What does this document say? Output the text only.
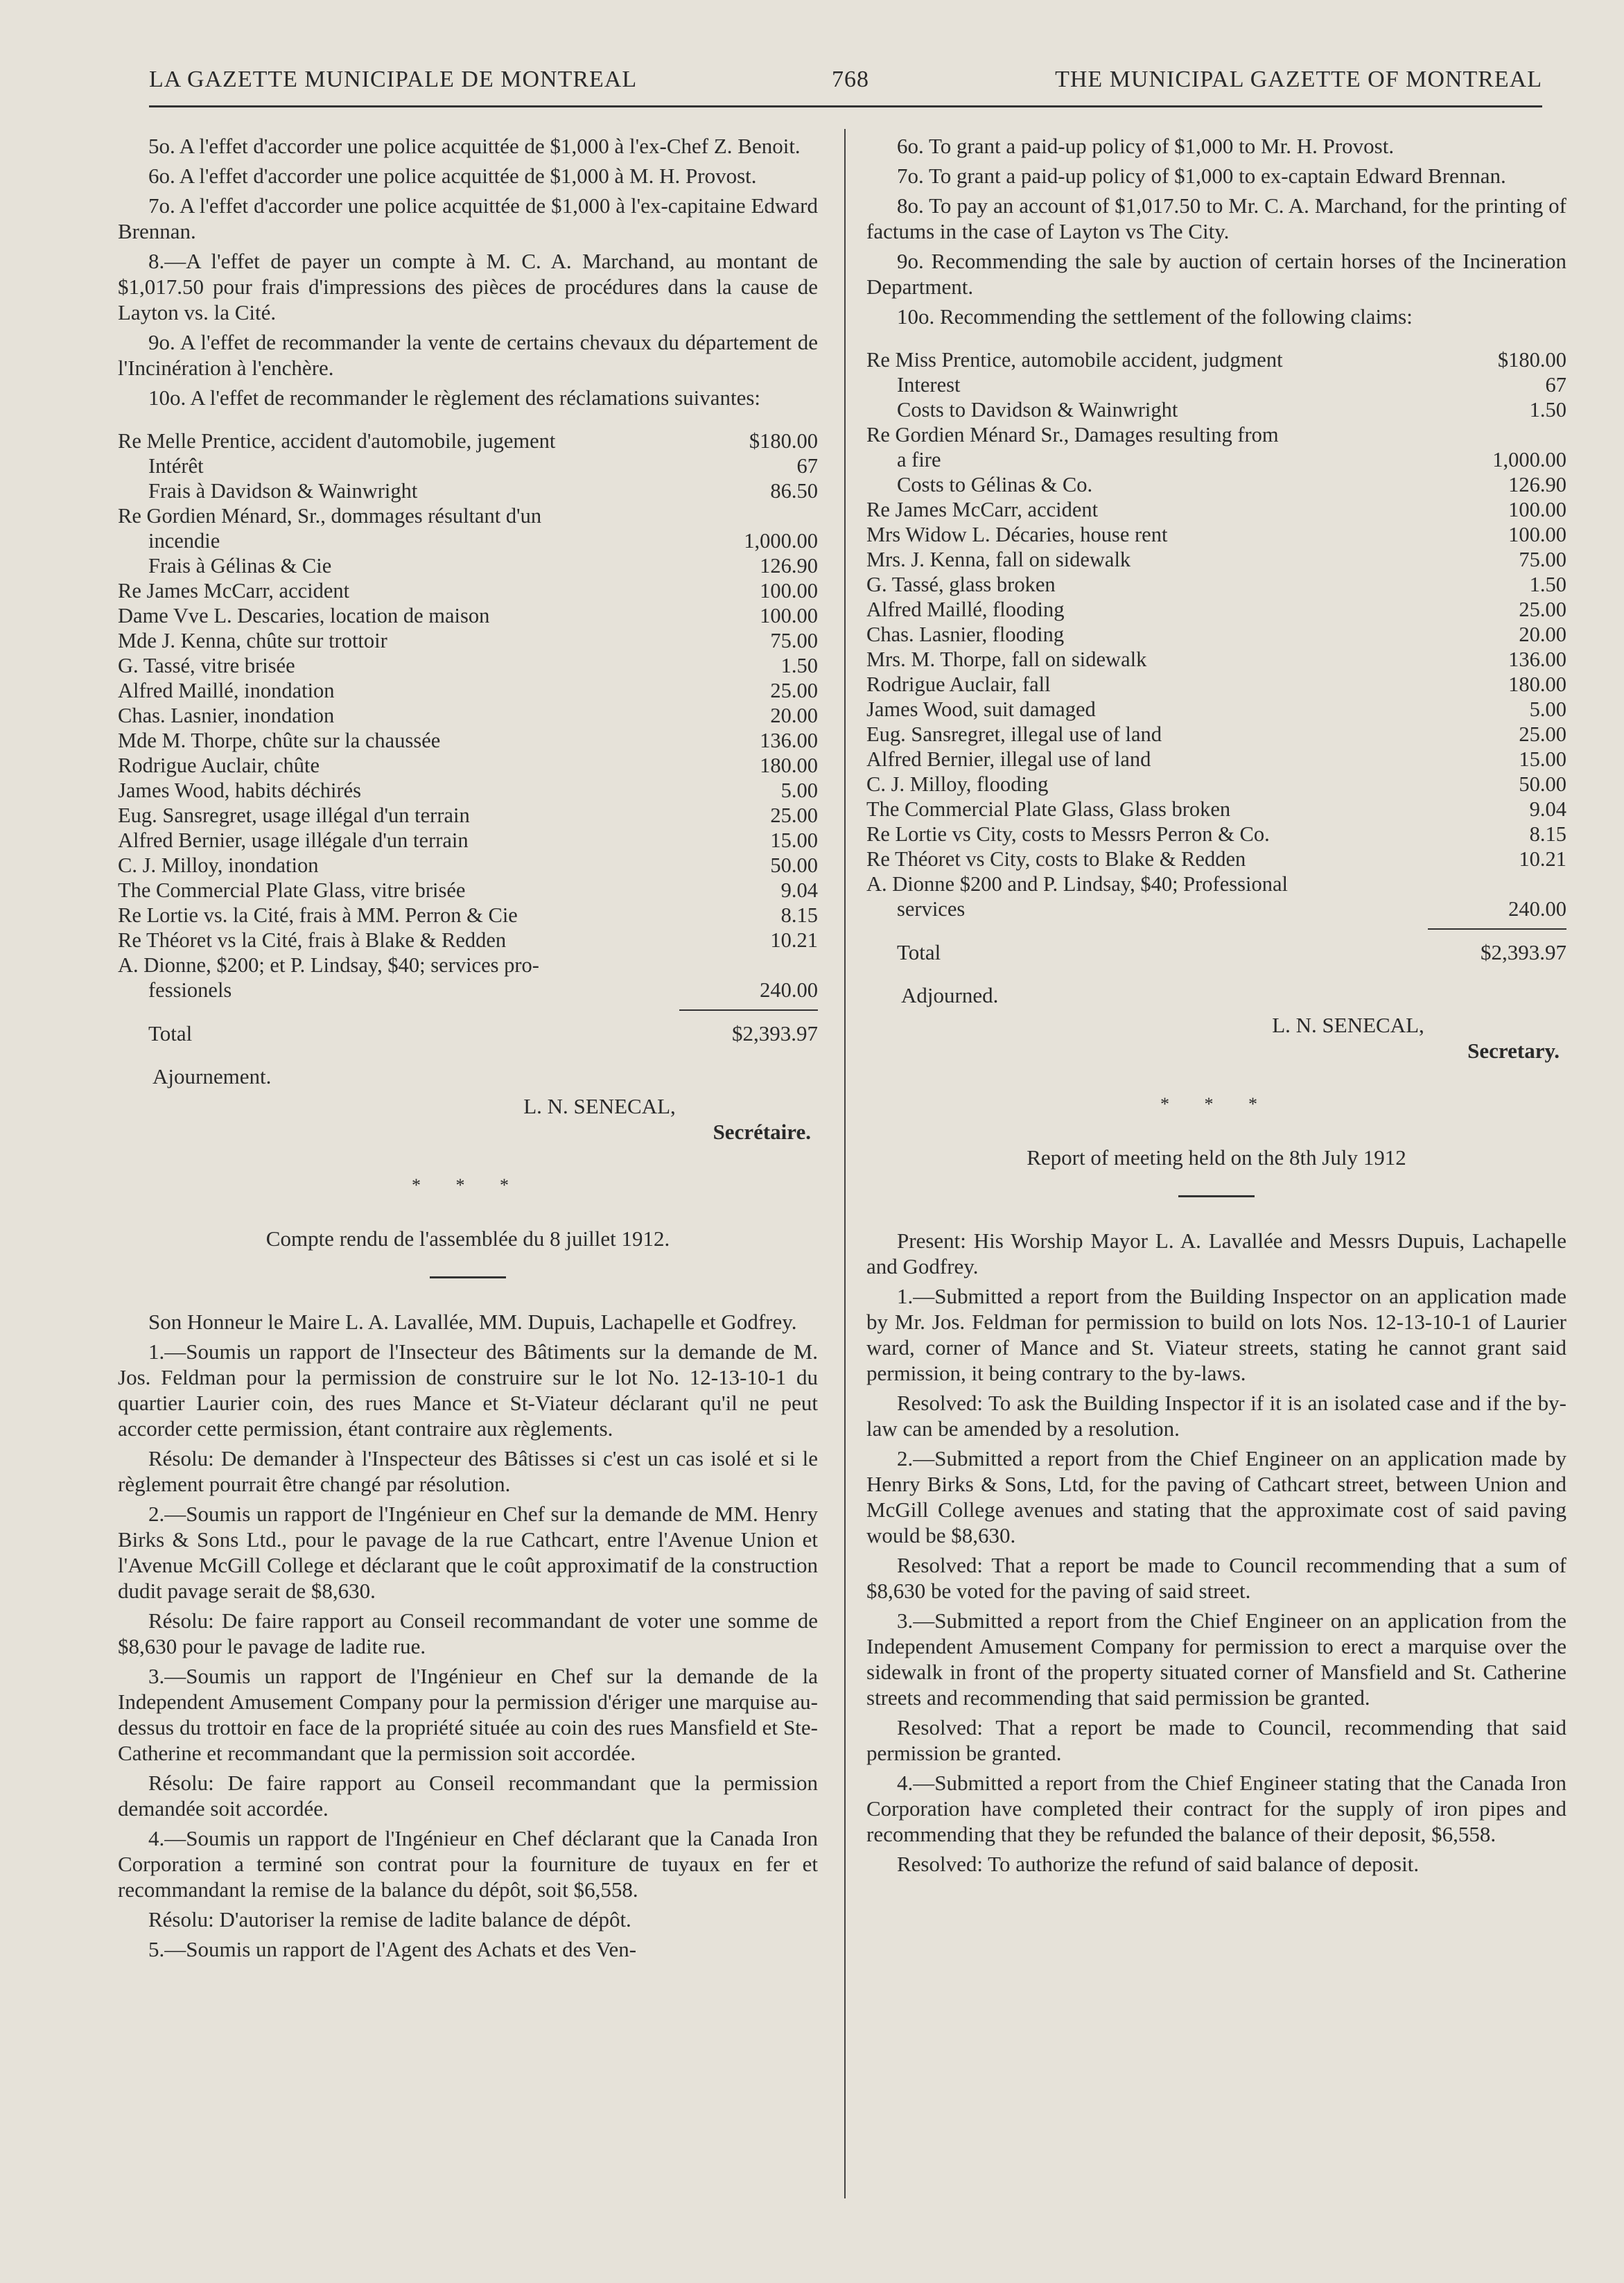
LA GAZETTE MUNICIPALE DE MONTREAL	768	THE MUNICIPAL GAZETTE OF MONTREAL

5o. A l'effet d'accorder une police acquittée de $1,000 à l'ex-Chef Z. Benoit.

6o. A l'effet d'accorder une police acquittée de $1,000 à M. H. Provost.

7o. A l'effet d'accorder une police acquittée de $1,000 à l'ex-capitaine Edward Brennan.

8.—A l'effet de payer un compte à M. C. A. Marchand, au montant de $1,017.50 pour frais d'impressions des pièces de procédures dans la cause de Layton vs. la Cité.

9o. A l'effet de recommander la vente de certains chevaux du département de l'Incinération à l'enchère.

10o. A l'effet de recommander le règlement des réclamations suivantes:

Re Melle Prentice, accident d'automobile, jugement	$180.00
Intérêt	67
Frais à Davidson & Wainwright	86.50
Re Gordien Ménard, Sr., dommages résultant d'un
incendie	1,000.00
Frais à Gélinas & Cie	126.90
Re James McCarr, accident	100.00
Dame Vve L. Descaries, location de maison	100.00
Mde J. Kenna, chûte sur trottoir	75.00
G. Tassé, vitre brisée	1.50
Alfred Maillé, inondation	25.00
Chas. Lasnier, inondation	20.00
Mde M. Thorpe, chûte sur la chaussée	136.00
Rodrigue Auclair, chûte	180.00
James Wood, habits déchirés	5.00
Eug. Sansregret, usage illégal d'un terrain	25.00
Alfred Bernier, usage illégale d'un terrain	15.00
C. J. Milloy, inondation	50.00
The Commercial Plate Glass, vitre brisée	9.04
Re Lortie vs. la Cité, frais à MM. Perron & Cie	8.15
Re Théoret vs la Cité, frais à Blake & Redden	10.21
A. Dionne, $200; et P. Lindsay, $40; services pro-
fessionels	240.00
Total	$2,393.97
Ajournement.
L. N. SENECAL,
Secrétaire.
* * *
Compte rendu de l'assemblée du 8 juillet 1912.

Son Honneur le Maire L. A. Lavallée, MM. Dupuis, Lachapelle et Godfrey.

1.—Soumis un rapport de l'Insecteur des Bâtiments sur la demande de M. Jos. Feldman pour la permission de construire sur le lot No. 12-13-10-1 du quartier Laurier coin, des rues Mance et St-Viateur déclarant qu'il ne peut accorder cette permission, étant contraire aux règlements.

Résolu: De demander à l'Inspecteur des Bâtisses si c'est un cas isolé et si le règlement pourrait être changé par résolution.

2.—Soumis un rapport de l'Ingénieur en Chef sur la demande de MM. Henry Birks & Sons Ltd., pour le pavage de la rue Cathcart, entre l'Avenue Union et l'Avenue McGill College et déclarant que le coût approximatif de la construction dudit pavage serait de $8,630.

Résolu: De faire rapport au Conseil recommandant de voter une somme de $8,630 pour le pavage de ladite rue.

3.—Soumis un rapport de l'Ingénieur en Chef sur la demande de la Independent Amusement Company pour la permission d'ériger une marquise au-dessus du trottoir en face de la propriété située au coin des rues Mansfield et Ste-Catherine et recommandant que la permission soit accordée.

Résolu: De faire rapport au Conseil recommandant que la permission demandée soit accordée.

4.—Soumis un rapport de l'Ingénieur en Chef déclarant que la Canada Iron Corporation a terminé son contrat pour la fourniture de tuyaux en fer et recommandant la remise de la balance du dépôt, soit $6,558.

Résolu: D'autoriser la remise de ladite balance de dépôt.

5.—Soumis un rapport de l'Agent des Achats et des Ven-

6o. To grant a paid-up policy of $1,000 to Mr. H. Provost.

7o. To grant a paid-up policy of $1,000 to ex-captain Edward Brennan.

8o. To pay an account of $1,017.50 to Mr. C. A. Marchand, for the printing of factums in the case of Layton vs The City.

9o. Recommending the sale by auction of certain horses of the Incineration Department.

10o. Recommending the settlement of the following claims:

Re Miss Prentice, automobile accident, judgment	$180.00
Interest	67
Costs to Davidson & Wainwright	1.50
Re Gordien Ménard Sr., Damages resulting from
a fire	1,000.00
Costs to Gélinas & Co.	126.90
Re James McCarr, accident	100.00
Mrs Widow L. Décaries, house rent	100.00
Mrs. J. Kenna, fall on sidewalk	75.00
G. Tassé, glass broken	1.50
Alfred Maillé, flooding	25.00
Chas. Lasnier, flooding	20.00
Mrs. M. Thorpe, fall on sidewalk	136.00
Rodrigue Auclair, fall	180.00
James Wood, suit damaged	5.00
Eug. Sansregret, illegal use of land	25.00
Alfred Bernier, illegal use of land	15.00
C. J. Milloy, flooding	50.00
The Commercial Plate Glass, Glass broken	9.04
Re Lortie vs City, costs to Messrs Perron & Co.	8.15
Re Théoret vs City, costs to Blake & Redden	10.21
A. Dionne $200 and P. Lindsay, $40; Professional
services	240.00
Total	$2,393.97
Adjourned.
L. N. SENECAL,
Secretary.
* * *
Report of meeting held on the 8th July 1912

Present: His Worship Mayor L. A. Lavallée and Messrs Dupuis, Lachapelle and Godfrey.

1.—Submitted a report from the Building Inspector on an application made by Mr. Jos. Feldman for permission to build on lots Nos. 12-13-10-1 of Laurier ward, corner of Mance and St. Viateur streets, stating he cannot grant said permission, it being contrary to the by-laws.

Resolved: To ask the Building Inspector if it is an isolated case and if the by-law can be amended by a resolution.

2.—Submitted a report from the Chief Engineer on an application made by Henry Birks & Sons, Ltd, for the paving of Cathcart street, between Union and McGill College avenues and stating that the approximate cost of said paving would be $8,630.

Resolved: That a report be made to Council recommending that a sum of $8,630 be voted for the paving of said street.

3.—Submitted a report from the Chief Engineer on an application from the Independent Amusement Company for permission to erect a marquise over the sidewalk in front of the property situated corner of Mansfield and St. Catherine streets and recommending that said permission be granted.

Resolved: That a report be made to Council, recommending that said permission be granted.

4.—Submitted a report from the Chief Engineer stating that the Canada Iron Corporation have completed their contract for the supply of iron pipes and recommending that they be refunded the balance of their deposit, $6,558.

Resolved: To authorize the refund of said balance of deposit.
